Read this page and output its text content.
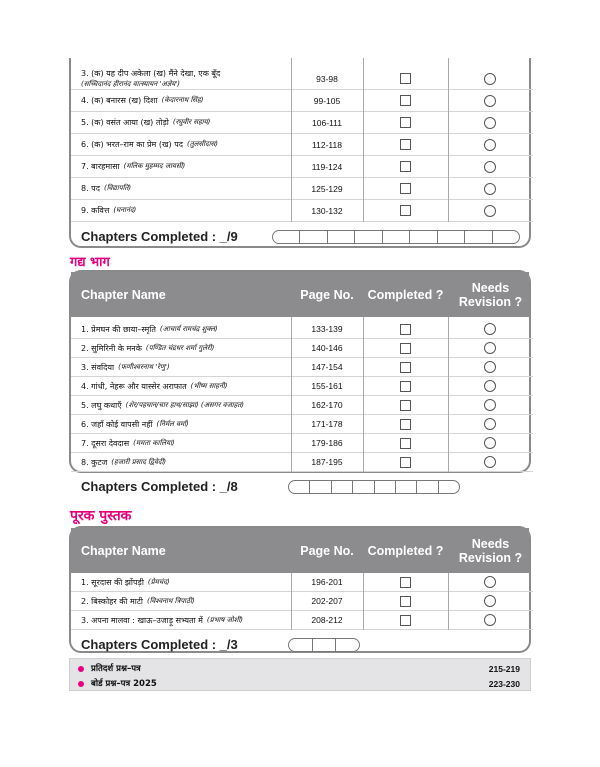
3. (क) यह दीप अकेला (ख) मैंने देखा, एक बूँद
(सच्चिदानंद हीरानंद वात्स्यायन 'अज्ञेय')	93-98
4. (क) बनारस (ख) दिशा (केदारनाथ सिंह)	99-105
5. (क) वसंत आया (ख) तोड़ो (रघुवीर सहाय)	106-111
6. (क) भरत–राम का प्रेम (ख) पद (तुलसीदास)	112-118
7. बारहमासा (मलिक मुहम्मद जायसी)	119-124
8. पद (विद्यापति)	125-129
9. कवित्त (घनानंद)	130-132
Chapters Completed : _/9
गद्य भाग
Chapter Name	Page No.	Completed ?	Needs Revision ?
1. प्रेमघन की छाया–स्मृति (आचार्य रामचंद्र शुक्ल)	133-139
2. सुमिरिनी के मनके (पण्डित चंद्रधर शर्मा गुलेरी)	140-146
3. संवदिया (फणीश्वरनाथ 'रेणु')	147-154
4. गांधी, नेहरू और यास्सेर अराफात (भीष्म साहनी)	155-161
5. लघु कथाएँ (शेर/पहचान/चार हाथ/साझा) (असगर वजाहत)	162-170
6. जहाँ कोई वापसी नहीं (निर्मल वर्मा)	171-178
7. दूसरा देवदास (ममता कालिया)	179-186
8. कुटज (हजारी प्रसाद द्विवेदी)	187-195
Chapters Completed : _/8
पूरक पुस्तक
Chapter Name	Page No.	Completed ?	Needs Revision ?
1. सूरदास की झोंपड़ी (प्रेमचंद)	196-201
2. बिस्कोहर की माटी (विश्वनाथ त्रिपाठी)	202-207
3. अपना मालवा : खाऊ–उजाड़ू सभ्यता में (प्रभाष जोशी)	208-212
Chapters Completed : _/3
प्रतिदर्श प्रश्न–पत्र	215-219
बोर्ड प्रश्न–पत्र 2025	223-230
